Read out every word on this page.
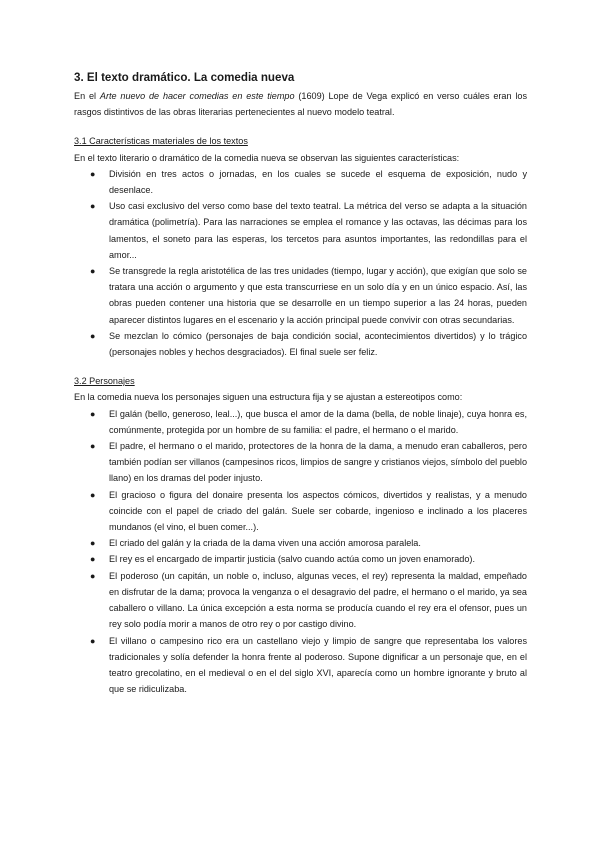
3. El texto dramático. La comedia nueva

En el Arte nuevo de hacer comedias en este tiempo (1609) Lope de Vega explicó en verso cuáles eran los rasgos distintivos de las obras literarias pertenecientes al nuevo modelo teatral.

3.1 Características materiales de los textos

En el texto literario o dramático de la comedia nueva se observan las siguientes características:

● División en tres actos o jornadas, en los cuales se sucede el esquema de exposición, nudo y desenlace.
● Uso casi exclusivo del verso como base del texto teatral. La métrica del verso se adapta a la situación dramática (polimetría). Para las narraciones se emplea el romance y las octavas, las décimas para los lamentos, el soneto para las esperas, los tercetos para asuntos importantes, las redondillas para el amor...
● Se transgrede la regla aristotélica de las tres unidades (tiempo, lugar y acción), que exigían que solo se tratara una acción o argumento y que esta transcurriese en un solo día y en un único espacio. Así, las obras pueden contener una historia que se desarrolle en un tiempo superior a las 24 horas, pueden aparecer distintos lugares en el escenario y la acción principal puede convivir con otras secundarias.
● Se mezclan lo cómico (personajes de baja condición social, acontecimientos divertidos) y lo trágico (personajes nobles y hechos desgraciados). El final suele ser feliz.
3.2 Personajes

En la comedia nueva los personajes siguen una estructura fija y se ajustan a estereotipos como:

● El galán (bello, generoso, leal...), que busca el amor de la dama (bella, de noble linaje), cuya honra es, comúnmente, protegida por un hombre de su familia: el padre, el hermano o el marido.
● El padre, el hermano o el marido, protectores de la honra de la dama, a menudo eran caballeros, pero también podían ser villanos (campesinos ricos, limpios de sangre y cristianos viejos, símbolo del pueblo llano) en los dramas del poder injusto.
● El gracioso o figura del donaire presenta los aspectos cómicos, divertidos y realistas, y a menudo coincide con el papel de criado del galán. Suele ser cobarde, ingenioso e inclinado a los placeres mundanos (el vino, el buen comer...).
● El criado del galán y la criada de la dama viven una acción amorosa paralela.
● El rey es el encargado de impartir justicia (salvo cuando actúa como un joven enamorado).
● El poderoso (un capitán, un noble o, incluso, algunas veces, el rey) representa la maldad, empeñado en disfrutar de la dama; provoca la venganza o el desagravio del padre, el hermano o el marido, ya sea caballero o villano. La única excepción a esta norma se producía cuando el rey era el ofensor, pues un rey solo podía morir a manos de otro rey o por castigo divino.
● El villano o campesino rico era un castellano viejo y limpio de sangre que representaba los valores tradicionales y solía defender la honra frente al poderoso. Supone dignificar a un personaje que, en el teatro grecolatino, en el medieval o en el del siglo XVI, aparecía como un hombre ignorante y bruto al que se ridiculizaba.
